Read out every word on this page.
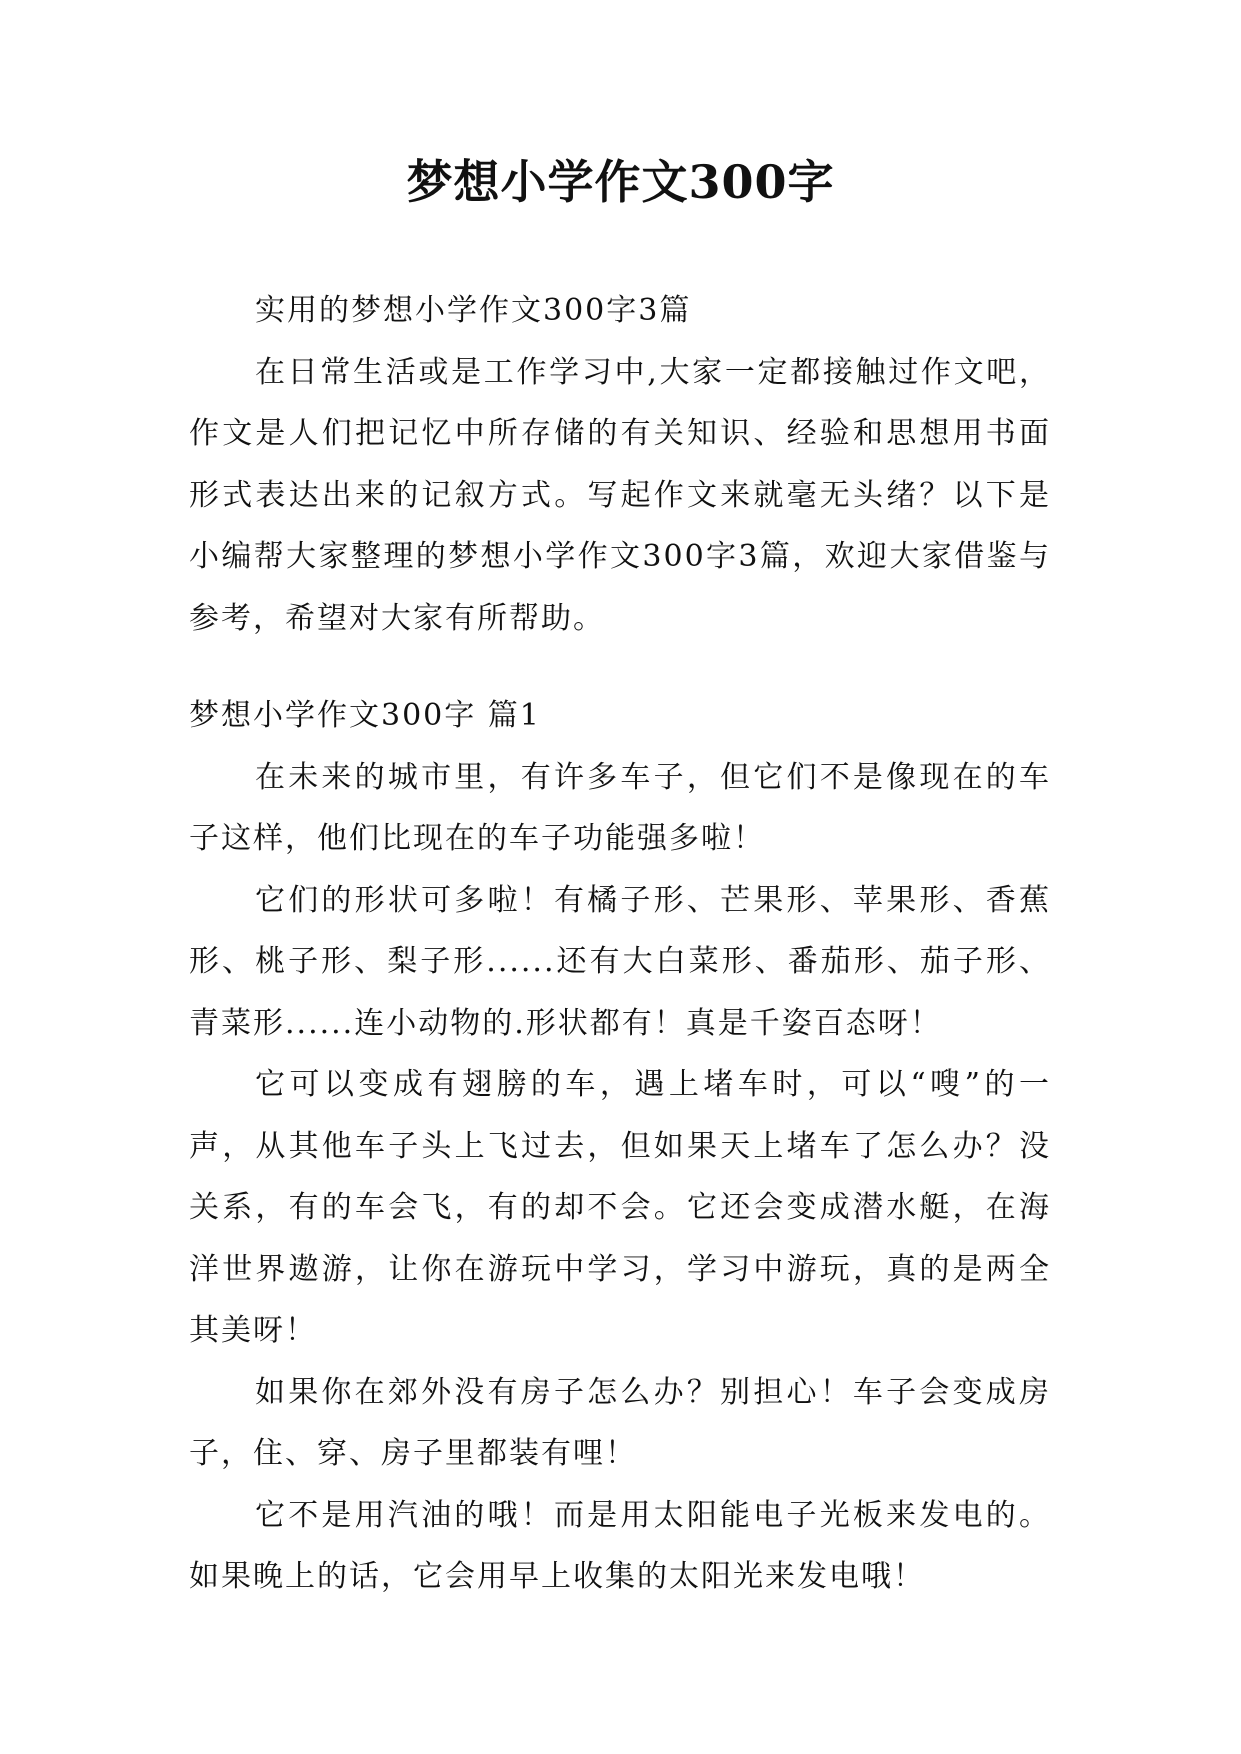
梦想小学作文300字

实用的梦想小学作文300字3篇

在日常生活或是工作学习中,大家一定都接触过作文吧，作文是人们把记忆中所存储的有关知识、经验和思想用书面形式表达出来的记叙方式。写起作文来就毫无头绪？以下是小编帮大家整理的梦想小学作文300字3篇，欢迎大家借鉴与参考，希望对大家有所帮助。

梦想小学作文300字 篇1

在未来的城市里，有许多车子，但它们不是像现在的车子这样，他们比现在的车子功能强多啦！

它们的形状可多啦！有橘子形、芒果形、苹果形、香蕉形、桃子形、梨子形......还有大白菜形、番茄形、茄子形、青菜形......连小动物的.形状都有！真是千姿百态呀！

它可以变成有翅膀的车，遇上堵车时，可以“嗖”的一声，从其他车子头上飞过去，但如果天上堵车了怎么办？没关系，有的车会飞，有的却不会。它还会变成潜水艇，在海洋世界遨游，让你在游玩中学习，学习中游玩，真的是两全其美呀！

如果你在郊外没有房子怎么办？别担心！车子会变成房子，住、穿、房子里都装有哩！

它不是用汽油的哦！而是用太阳能电子光板来发电的。如果晚上的话，它会用早上收集的太阳光来发电哦！
